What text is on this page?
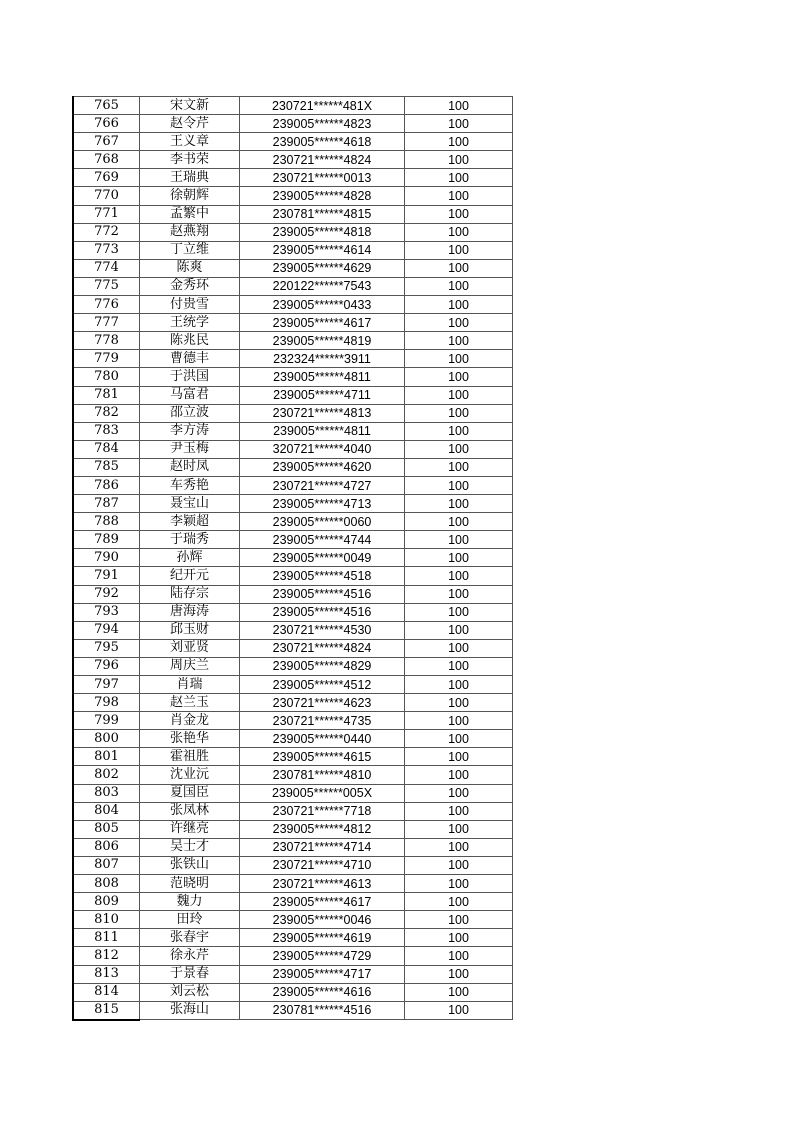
765	宋文新	230721******481X	100
766	赵令芹	239005******4823	100
767	王义章	239005******4618	100
768	李书荣	230721******4824	100
769	王瑞典	230721******0013	100
770	徐朝辉	239005******4828	100
771	孟繁中	230781******4815	100
772	赵燕翔	239005******4818	100
773	丁立维	239005******4614	100
774	陈爽	239005******4629	100
775	金秀环	220122******7543	100
776	付贵雪	239005******0433	100
777	王统学	239005******4617	100
778	陈兆民	239005******4819	100
779	曹德丰	232324******3911	100
780	于洪国	239005******4811	100
781	马富君	239005******4711	100
782	邵立波	230721******4813	100
783	李方涛	239005******4811	100
784	尹玉梅	320721******4040	100
785	赵时凤	239005******4620	100
786	车秀艳	230721******4727	100
787	聂宝山	239005******4713	100
788	李颖超	239005******0060	100
789	于瑞秀	239005******4744	100
790	孙辉	239005******0049	100
791	纪开元	239005******4518	100
792	陆存宗	239005******4516	100
793	唐海涛	239005******4516	100
794	邱玉财	230721******4530	100
795	刘亚贤	230721******4824	100
796	周庆兰	239005******4829	100
797	肖瑞	239005******4512	100
798	赵兰玉	230721******4623	100
799	肖金龙	230721******4735	100
800	张艳华	239005******0440	100
801	霍祖胜	239005******4615	100
802	沈业沅	230781******4810	100
803	夏国臣	239005******005X	100
804	张凤林	230721******7718	100
805	许继亮	239005******4812	100
806	吴士才	230721******4714	100
807	张铁山	230721******4710	100
808	范晓明	230721******4613	100
809	魏力	239005******4617	100
810	田玲	239005******0046	100
811	张春宇	239005******4619	100
812	徐永芹	239005******4729	100
813	于景春	239005******4717	100
814	刘云松	239005******4616	100
815	张海山	230781******4516	100
